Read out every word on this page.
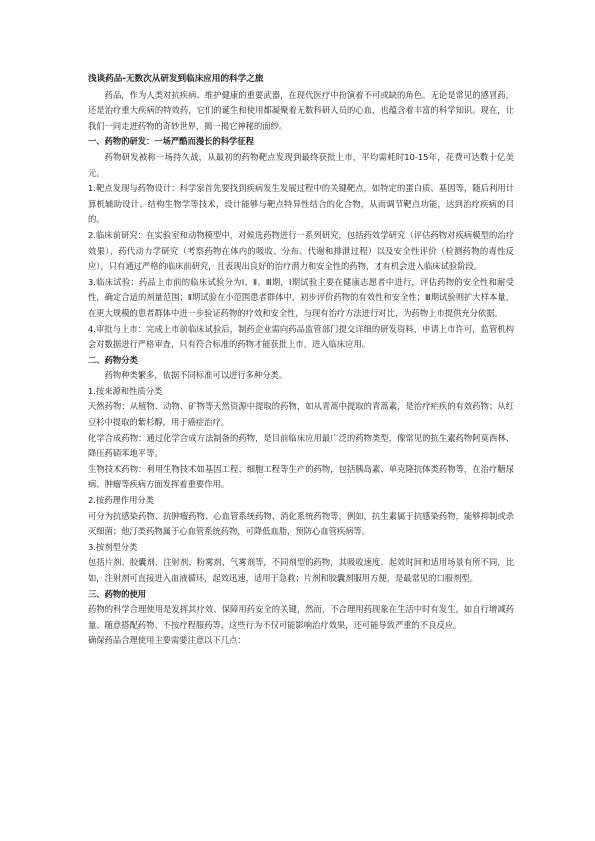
浅谈药品-无数次从研发到临床应用的科学之旅

药品，作为人类对抗疾病、维护健康的重要武器，在现代医疗中扮演着不可或缺的角色。无论是常见的感冒药，还是治疗重大疾病的特效药，它们的诞生和使用都凝聚着无数科研人员的心血，也蕴含着丰富的科学知识。现在，让我们一同走进药物的奇妙世界，揭一揭它神秘的面纱。

一、药物的研发：一场严酷而漫长的科学征程

药物研发被称一场持久战，从最初的药物靶点发现到最终获批上市，平均需耗时10-15年，花费可达数十亿美元。

1.靶点发现与药物设计：科学家首先要找到疾病发生发展过程中的关键靶点，如特定的蛋白质、基因等，随后利用计算机辅助设计、结构生物学等技术，设计能够与靶点特异性结合的化合物，从而调节靶点功能，达到治疗疾病的目的。

2.临床前研究：在实验室和动物模型中，对候选药物进行一系列研究，包括药效学研究（评估药物对疾病模型的治疗效果）、药代动力学研究（考察药物在体内的吸收、分布、代谢和排泄过程）以及安全性评价（检测药物的毒性反应），只有通过严格的临床前研究，且表现出良好的治疗潜力和安全性的药物，才有机会进入临床试验阶段。

3.临床试验：药品上市前的临床试验分为Ⅰ、Ⅱ、Ⅲ期，Ⅰ期试验主要在健康志愿者中进行，评估药物的安全性和耐受性，确定合适的剂量范围；Ⅱ期试验在小范围患者群体中，初步评价药物的有效性和安全性；Ⅲ期试验则扩大样本量，在更大规模的患者群体中进一步验证药物的疗效和安全性，与现有治疗方法进行对比，为药物上市提供充分依据。

4.审批与上市：完成上市前临床试验后，制药企业需向药品监管部门提交详细的研发资料，申请上市许可，监管机构会对数据进行严格审查，只有符合标准的药物才能获批上市，进入临床应用。

二、药物分类

药物种类繁多，依据不同标准可以进行多种分类。

1.按来源和性质分类

天然药物：从植物、动物、矿物等天然资源中提取的药物，如从青蒿中提取的青蒿素，是治疗疟疾的有效药物；从红豆杉中提取的紫杉醇，用于癌症治疗。

化学合成药物：通过化学合成方法制备的药物，是目前临床应用最广泛的药物类型，像常见的抗生素药物阿莫西林、降压药硝苯地平等。

生物技术药物：利用生物技术如基因工程、细胞工程等生产的药物，包括胰岛素、单克隆抗体类药物等，在治疗糖尿病、肿瘤等疾病方面发挥着重要作用。

2.按药理作用分类

可分为抗感染药物、抗肿瘤药物、心血管系统药物、消化系统药物等，例如，抗生素属于抗感染药物，能够抑制或杀灭细菌；他汀类药物属于心血管系统药物，可降低血脂，预防心血管疾病等。

3.按剂型分类

包括片剂、胶囊剂、注射剂、粉雾剂、气雾剂等，不同剂型的药物，其吸收速度、起效时间和适用场景有所不同，比如，注射剂可直接进入血液循环，起效迅速，适用于急救；片剂和胶囊剂服用方便，是最常见的口服剂型。

三、药物的使用

药物的科学合理使用是发挥其疗效、保障用药安全的关键，然而，不合理用药现象在生活中时有发生，如自行增减药量、随意搭配药物、不按疗程服药等，这些行为不仅可能影响治疗效果，还可能导致严重的不良反应。

确保药品合理使用主要需要注意以下几点：
